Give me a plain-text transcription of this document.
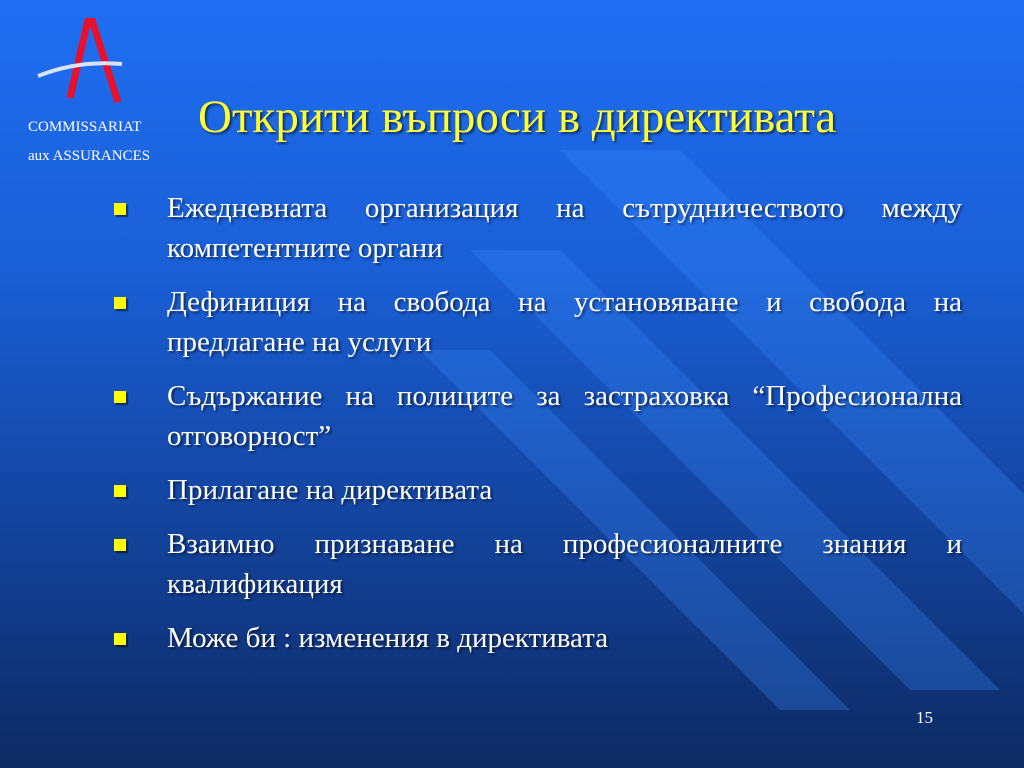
COMMISSARIAT
aux ASSURANCES
Открити въпроси в директивата
Ежедневната организация на сътрудничеството между компетентните органи
Дефиниция на свобода на установяване и свобода на предлагане на услуги
Съдържание на полиците за застраховка “Професионална отговорност”
Прилагане на директивата
Взаимно признаване на професионалните знания и квалификация
Може би : изменения в директивата
15
